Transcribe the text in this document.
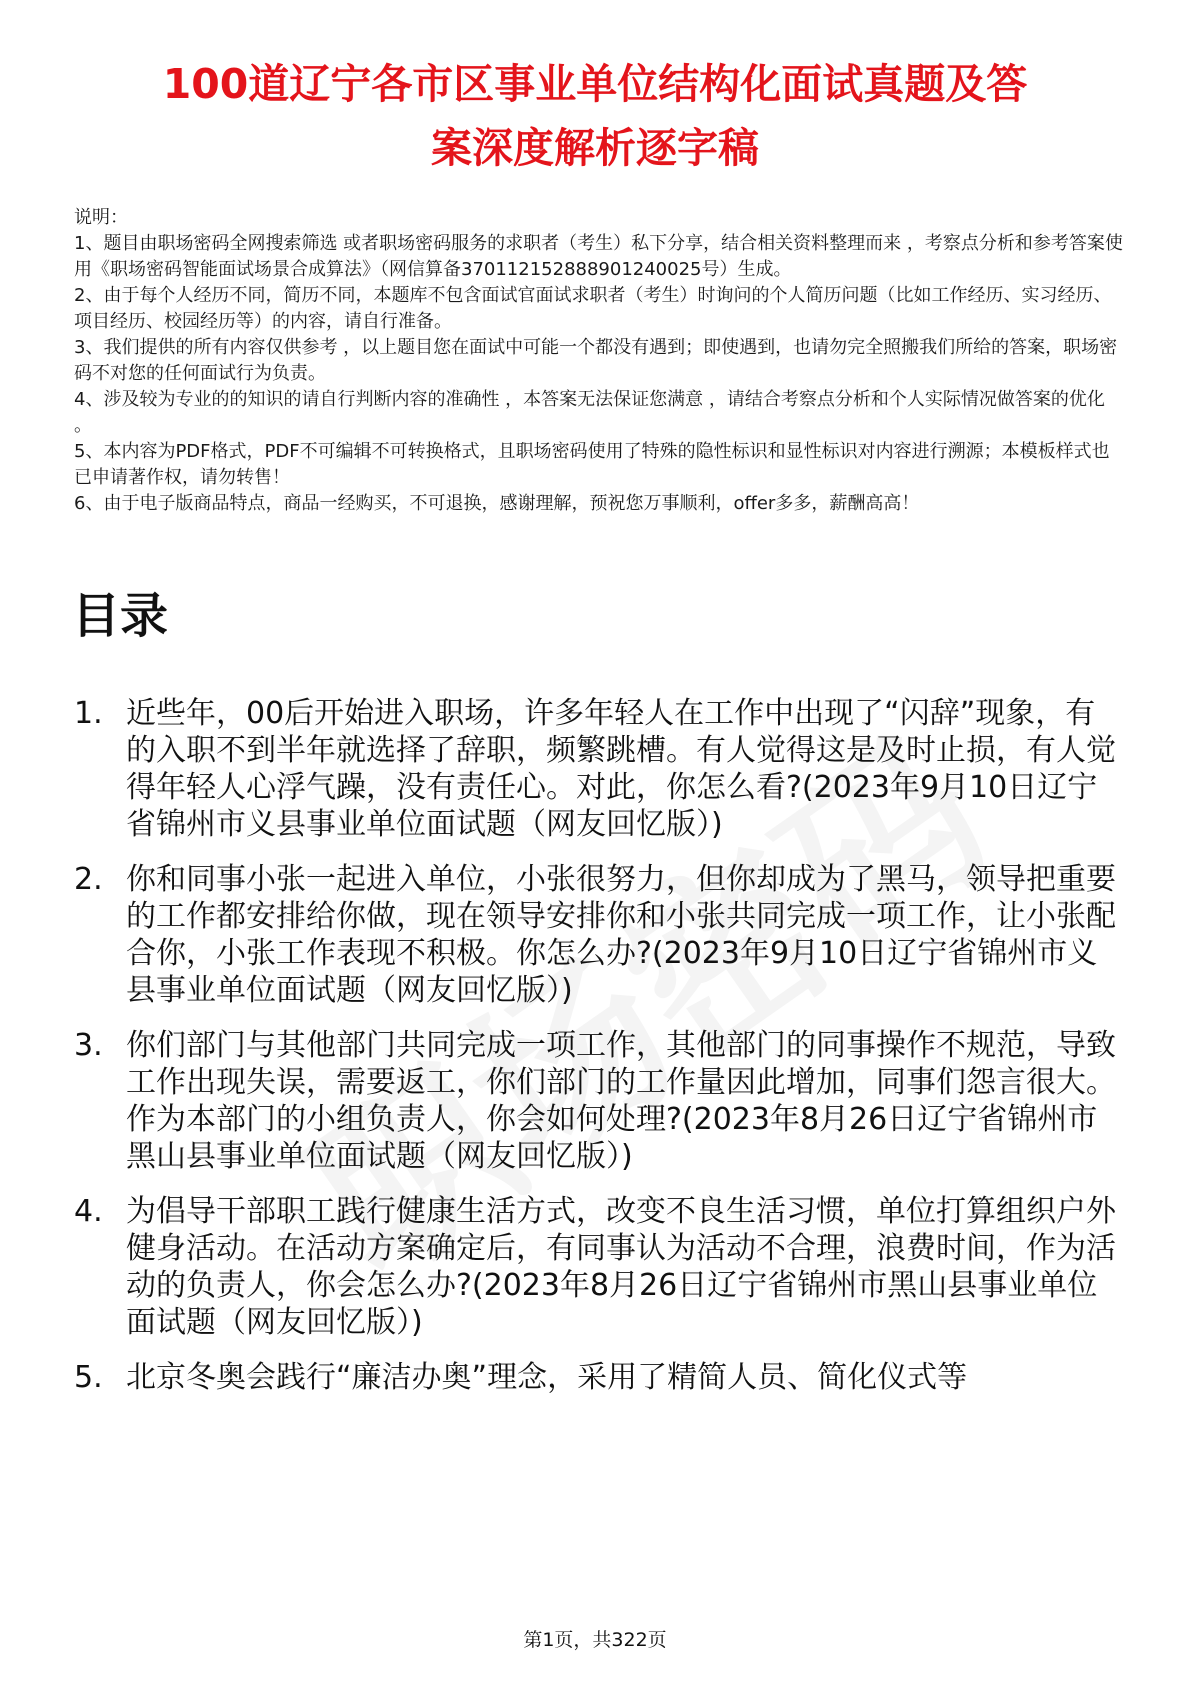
100道辽宁各市区事业单位结构化面试真题及答
案深度解析逐字稿

说明：

1、题目由职场密码全网搜索筛选 或者职场密码服务的求职者（考生）私下分享，结合相关资料整理而来 ，考察点分析和参考答案使用《职场密码智能面试场景合成算法》（网信算备370112152888901240025号）生成。

2、由于每个人经历不同，简历不同，本题库不包含面试官面试求职者（考生）时询问的个人简历问题（比如工作经历、实习经历、项目经历、校园经历等）的内容，请自行准备。

3、我们提供的所有内容仅供参考 ，以上题目您在面试中可能一个都没有遇到；即使遇到，也请勿完全照搬我们所给的答案，职场密码不对您的任何面试行为负责。

4、涉及较为专业的的知识的请自行判断内容的准确性 ，本答案无法保证您满意 ，请结合考察点分析和个人实际情况做答案的优化 。

5、本内容为PDF格式，PDF不可编辑不可转换格式，且职场密码使用了特殊的隐性标识和显性标识对内容进行溯源；本模板样式也已申请著作权，请勿转售！

6、由于电子版商品特点，商品一经购买，不可退换，感谢理解，预祝您万事顺利，offer多多，薪酬高高！

目录
1. 近些年，00后开始进入职场，许多年轻人在工作中出现了“闪辞”现象，有的入职不到半年就选择了辞职，频繁跳槽。有人觉得这是及时止损，有人觉得年轻人心浮气躁，没有责任心。对此，你怎么看?(2023年9月10日辽宁省锦州市义县事业单位面试题（网友回忆版）)
2. 你和同事小张一起进入单位，小张很努力，但你却成为了黑马，领导把重要的工作都安排给你做，现在领导安排你和小张共同完成一项工作，让小张配合你，小张工作表现不积极。你怎么办?(2023年9月10日辽宁省锦州市义县事业单位面试题（网友回忆版）)
3. 你们部门与其他部门共同完成一项工作，其他部门的同事操作不规范，导致工作出现失误，需要返工，你们部门的工作量因此增加，同事们怨言很大。作为本部门的小组负责人，你会如何处理?(2023年8月26日辽宁省锦州市黑山县事业单位面试题（网友回忆版）)
4. 为倡导干部职工践行健康生活方式，改变不良生活习惯，单位打算组织户外健身活动。在活动方案确定后，有同事认为活动不合理，浪费时间，作为活动的负责人，你会怎么办?(2023年8月26日辽宁省锦州市黑山县事业单位面试题（网友回忆版）)
5. 北京冬奥会践行“廉洁办奥”理念，采用了精简人员、简化仪式等
第1页，共322页
